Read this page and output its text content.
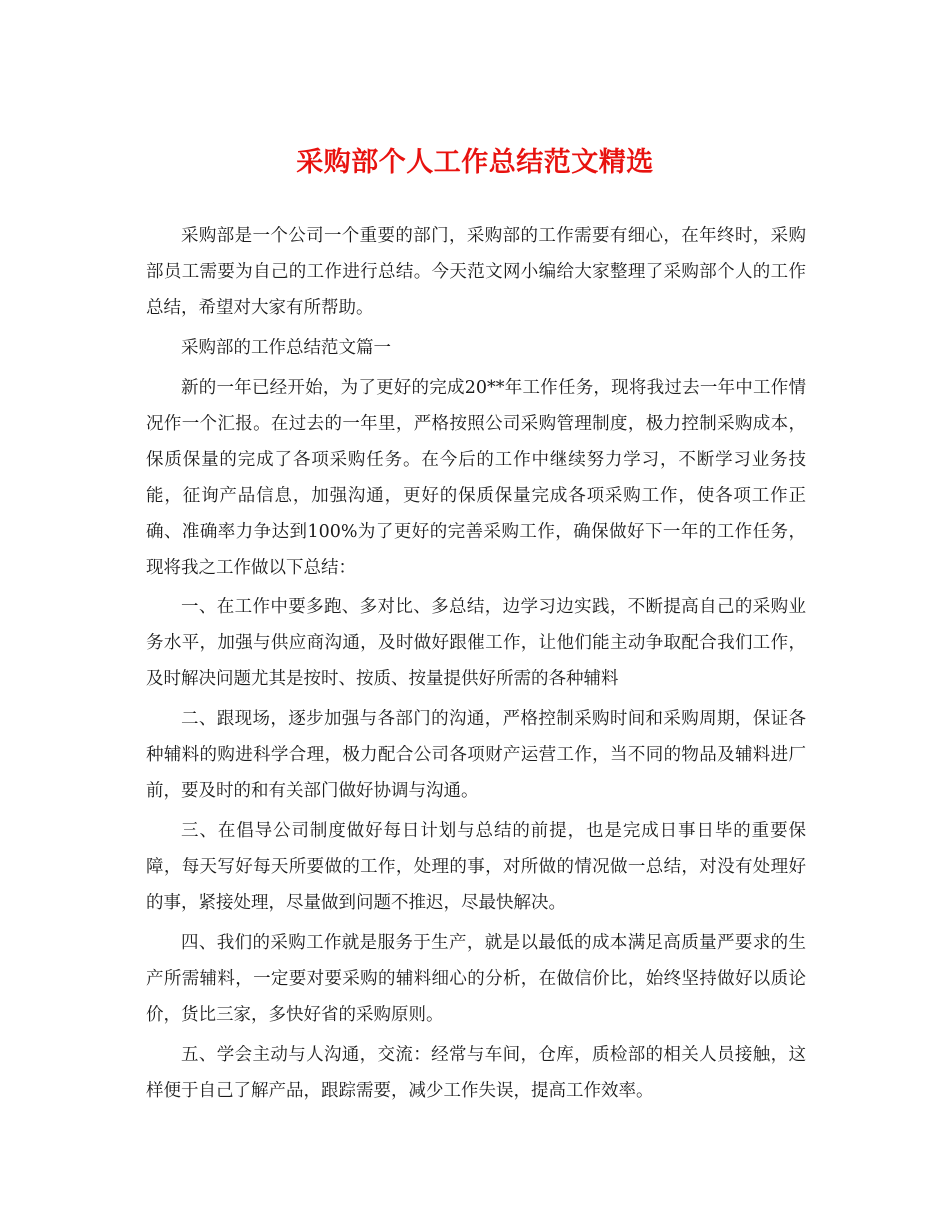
采购部个人工作总结范文精选

采购部是一个公司一个重要的部门，采购部的工作需要有细心，在年终时，采购部员工需要为自己的工作进行总结。今天范文网小编给大家整理了采购部个人的工作总结，希望对大家有所帮助。

采购部的工作总结范文篇一

新的一年已经开始，为了更好的完成20**年工作任务，现将我过去一年中工作情况作一个汇报。在过去的一年里，严格按照公司采购管理制度，极力控制采购成本，保质保量的完成了各项采购任务。在今后的工作中继续努力学习，不断学习业务技能，征询产品信息，加强沟通，更好的保质保量完成各项采购工作，使各项工作正确、准确率力争达到100%为了更好的完善采购工作，确保做好下一年的工作任务，现将我之工作做以下总结：

一、在工作中要多跑、多对比、多总结，边学习边实践，不断提高自己的采购业务水平，加强与供应商沟通，及时做好跟催工作，让他们能主动争取配合我们工作，及时解决问题尤其是按时、按质、按量提供好所需的各种辅料

二、跟现场，逐步加强与各部门的沟通，严格控制采购时间和采购周期，保证各种辅料的购进科学合理，极力配合公司各项财产运营工作，当不同的物品及辅料进厂前，要及时的和有关部门做好协调与沟通。

三、在倡导公司制度做好每日计划与总结的前提，也是完成日事日毕的重要保障，每天写好每天所要做的工作，处理的事，对所做的情况做一总结，对没有处理好的事，紧接处理，尽量做到问题不推迟，尽最快解决。

四、我们的采购工作就是服务于生产，就是以最低的成本满足高质量严要求的生产所需辅料，一定要对要采购的辅料细心的分析，在做信价比，始终坚持做好以质论价，货比三家，多快好省的采购原则。

五、学会主动与人沟通，交流：经常与车间，仓库，质检部的相关人员接触，这样便于自己了解产品，跟踪需要，减少工作失误，提高工作效率。
